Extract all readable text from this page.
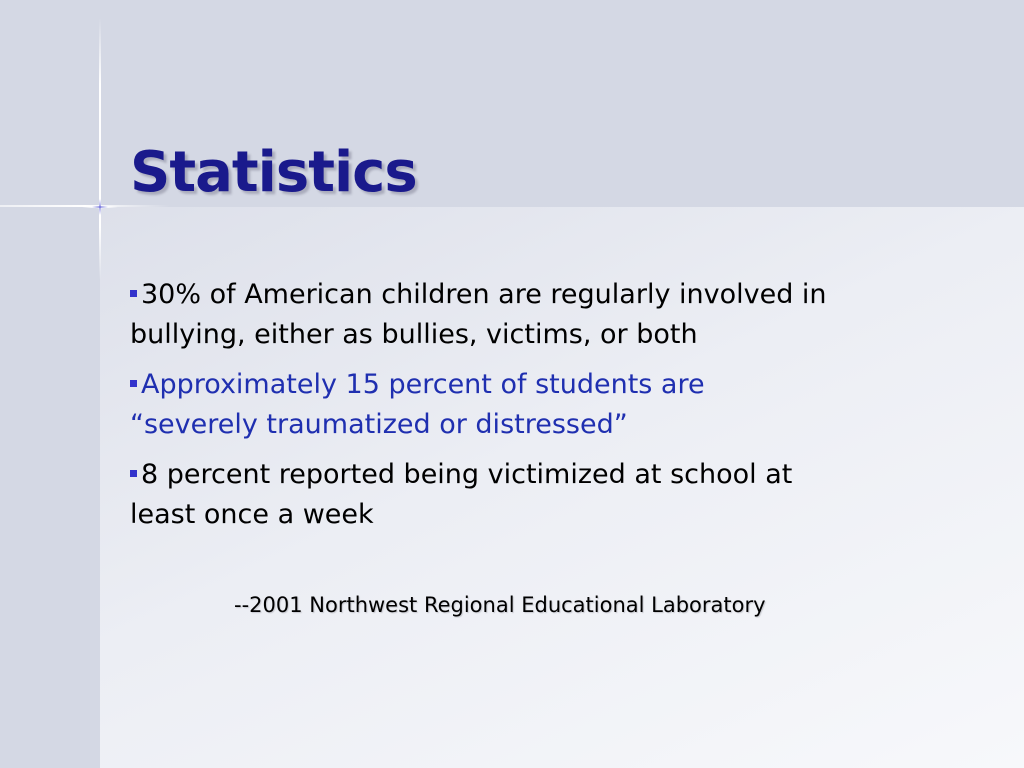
Statistics

30% of American children are regularly involved in bullying, either as bullies, victims, or both

Approximately 15 percent of students are “severely traumatized or distressed”

8 percent reported being victimized at school at least once a week

--2001 Northwest Regional Educational Laboratory
